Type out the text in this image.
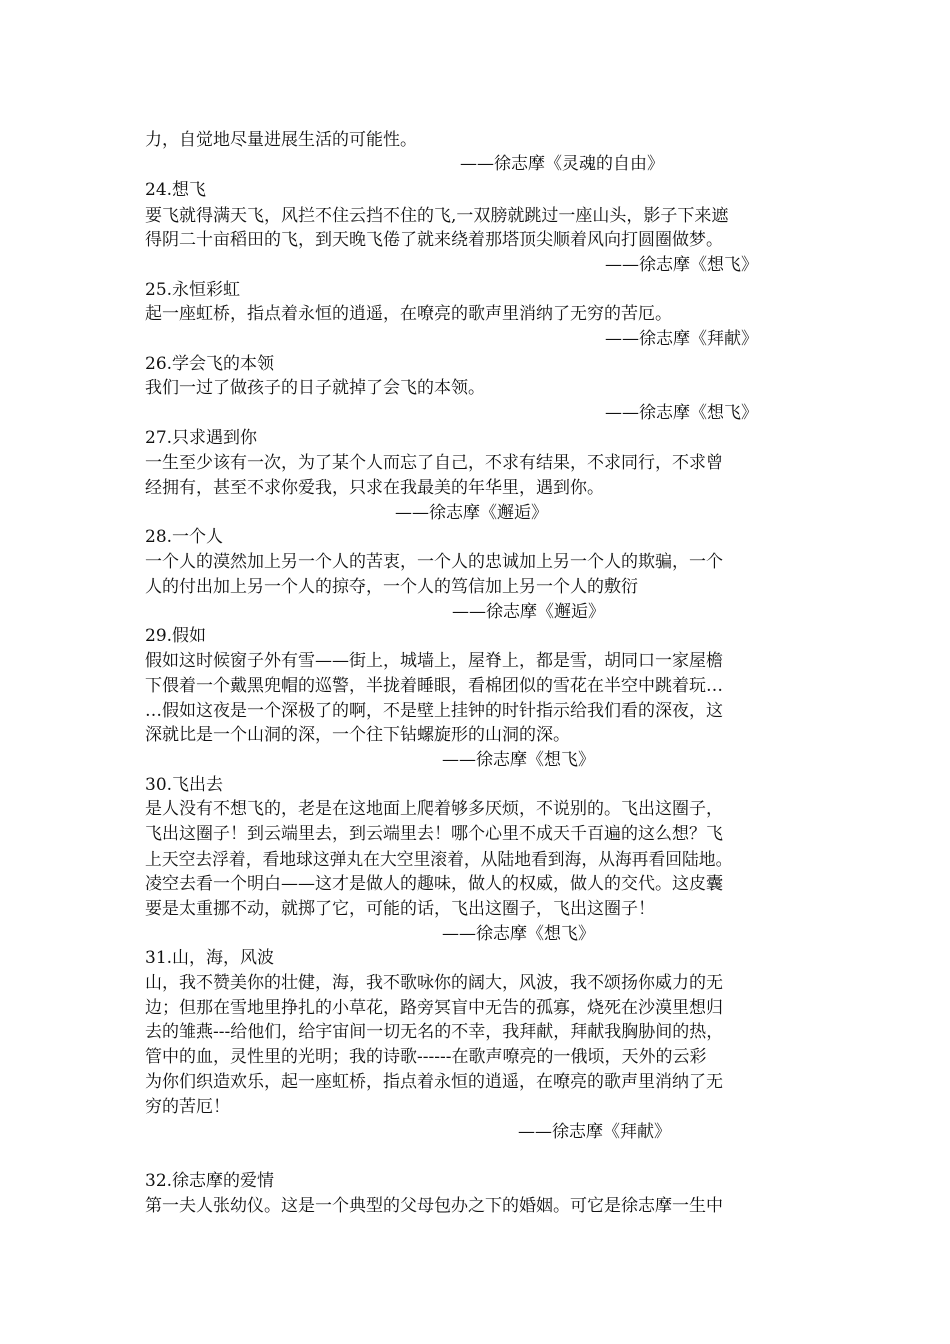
力，自觉地尽量进展生活的可能性。
——徐志摩《灵魂的自由》
24.想飞
要飞就得满天飞，风拦不住云挡不住的飞,一双膀就跳过一座山头，影子下来遮
得阴二十亩稻田的飞，到天晚飞倦了就来绕着那塔顶尖顺着风向打圆圈做梦。
——徐志摩《想飞》
25.永恒彩虹
起一座虹桥，指点着永恒的逍遥，在嘹亮的歌声里消纳了无穷的苦厄。
——徐志摩《拜献》
26.学会飞的本领
我们一过了做孩子的日子就掉了会飞的本领。
——徐志摩《想飞》
27.只求遇到你
一生至少该有一次，为了某个人而忘了自己，不求有结果，不求同行，不求曾
经拥有，甚至不求你爱我，只求在我最美的年华里，遇到你。
——徐志摩《邂逅》
28.一个人
一个人的漠然加上另一个人的苦衷，一个人的忠诚加上另一个人的欺骗，一个
人的付出加上另一个人的掠夺，一个人的笃信加上另一个人的敷衍
——徐志摩《邂逅》
29.假如
假如这时候窗子外有雪——街上，城墙上，屋脊上，都是雪，胡同口一家屋檐
下偎着一个戴黑兜帽的巡警，半拢着睡眼，看棉团似的雪花在半空中跳着玩…
…假如这夜是一个深极了的啊，不是壁上挂钟的时针指示给我们看的深夜，这
深就比是一个山洞的深，一个往下钻螺旋形的山洞的深。
——徐志摩《想飞》
30.飞出去
是人没有不想飞的，老是在这地面上爬着够多厌烦，不说别的。飞出这圈子，
飞出这圈子！到云端里去，到云端里去！哪个心里不成天千百遍的这么想？飞
上天空去浮着，看地球这弹丸在大空里滚着，从陆地看到海，从海再看回陆地。
凌空去看一个明白——这才是做人的趣味，做人的权威，做人的交代。这皮囊
要是太重挪不动，就掷了它，可能的话，飞出这圈子，飞出这圈子！
——徐志摩《想飞》
31.山，海，风波
山，我不赞美你的壮健，海，我不歌咏你的阔大，风波，我不颂扬你威力的无
边；但那在雪地里挣扎的小草花，路旁冥盲中无告的孤寡，烧死在沙漠里想归
去的雏燕---给他们，给宇宙间一切无名的不幸，我拜献，拜献我胸胁间的热，
管中的血，灵性里的光明；我的诗歌------在歌声嘹亮的一俄顷，天外的云彩
为你们织造欢乐，起一座虹桥，指点着永恒的逍遥，在嘹亮的歌声里消纳了无
穷的苦厄！
——徐志摩《拜献》
32.徐志摩的爱情
第一夫人张幼仪。这是一个典型的父母包办之下的婚姻。可它是徐志摩一生中
